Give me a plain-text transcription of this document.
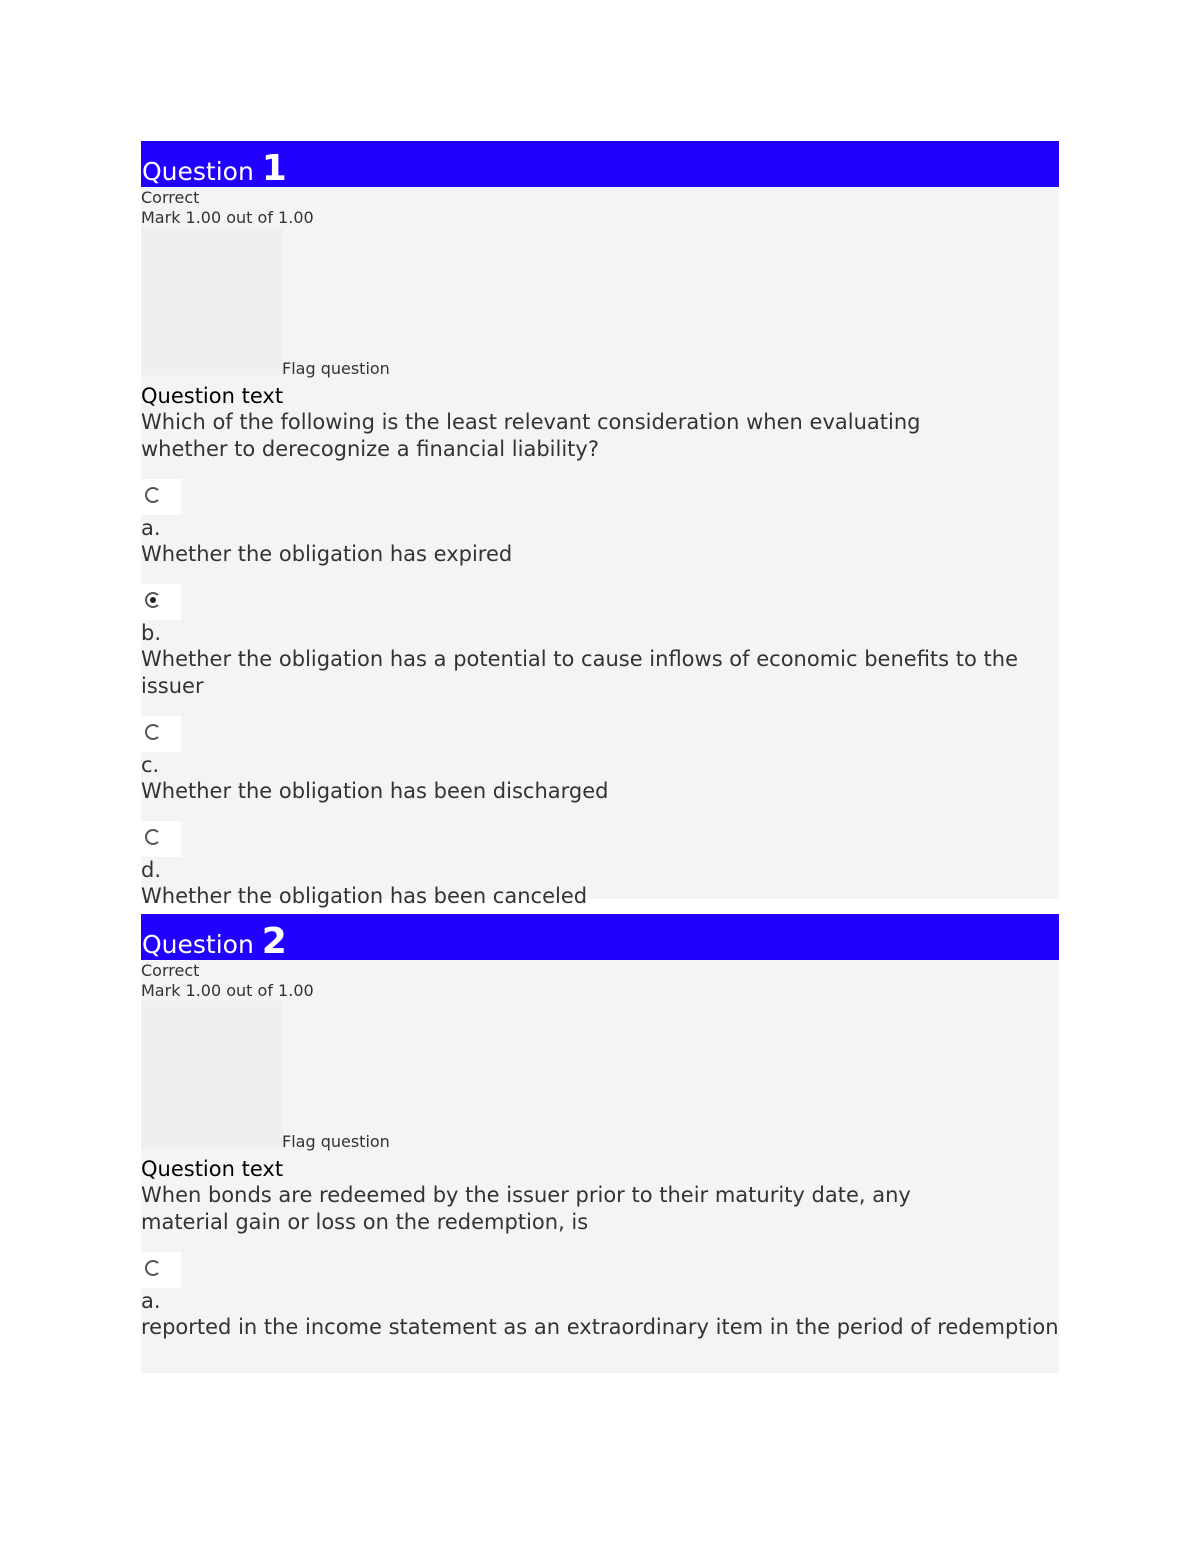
Question 1
Correct
Mark 1.00 out of 1.00
Flag question
Question text
Which of the following is the least relevant consideration when evaluating whether to derecognize a financial liability?
a.
Whether the obligation has expired
b.
Whether the obligation has a potential to cause inflows of economic benefits to the issuer
c.
Whether the obligation has been discharged
d.
Whether the obligation has been canceled
Question 2
Correct
Mark 1.00 out of 1.00
Flag question
Question text
When bonds are redeemed by the issuer prior to their maturity date, any material gain or loss on the redemption, is
a.
reported in the income statement as an extraordinary item in the period of redemption
